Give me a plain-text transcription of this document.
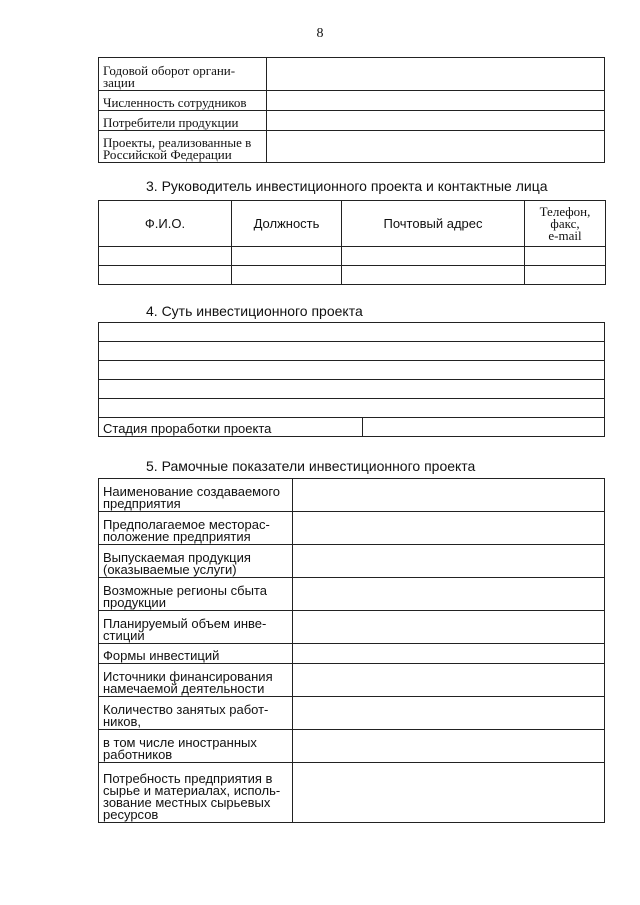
8
Годовой оборот органи-
зации	

Численность сотрудников	

Потребители продукции	

Проекты, реализованные в
Российской Федерации	

3. Руководитель инвестиционного проекта и контактные лица
Ф.И.О.	Должность	Почтовый адрес	Телефон,
факс,
e-mail

4. Суть инвестиционного проекта

Стадия проработки проекта

5. Рамочные показатели инвестиционного проекта
Наименование создаваемого
предприятия	

Предполагаемое месторас-
положение предприятия	

Выпускаемая продукция
(оказываемые услуги)	

Возможные регионы сбыта
продукции	

Планируемый объем инве-
стиций	

Формы инвестиций	

Источники финансирования
намечаемой деятельности	

Количество занятых работ-
ников,	

в том числе иностранных
работников	

Потребность предприятия в
сырье и материалах, исполь-
зование местных сырьевых
ресурсов	
